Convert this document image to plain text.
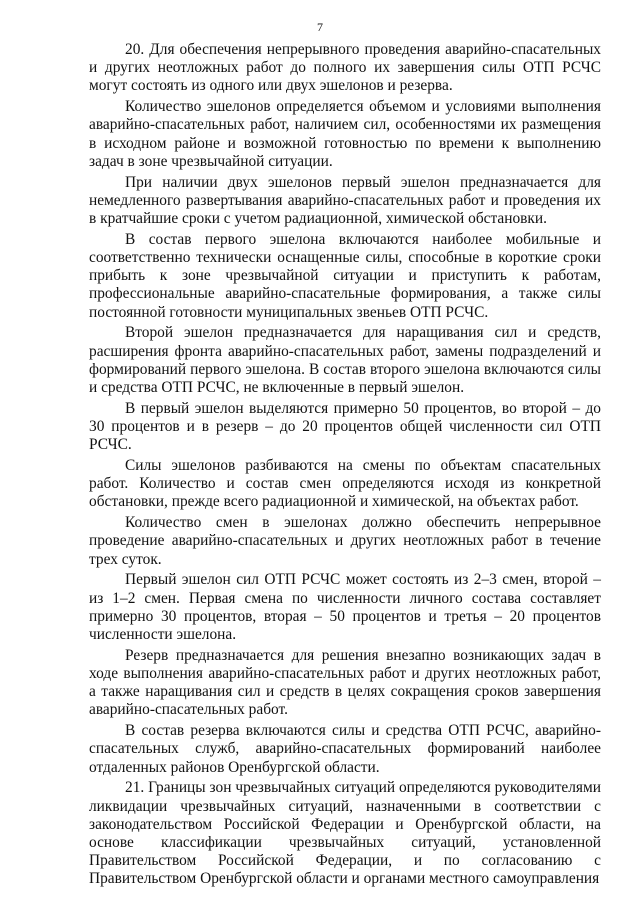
7

20. Для обеспечения непрерывного проведения аварийно-спасательных и других неотложных работ до полного их завершения силы ОТП РСЧС могут состоять из одного или двух эшелонов и резерва.

Количество эшелонов определяется объемом и условиями выполнения аварийно-спасательных работ, наличием сил, особенностями их размещения в исходном районе и возможной готовностью по времени к выполнению задач в зоне чрезвычайной ситуации.

При наличии двух эшелонов первый эшелон предназначается для немедленного развертывания аварийно-спасательных работ и проведения их в кратчайшие сроки с учетом радиационной, химической обстановки.

В состав первого эшелона включаются наиболее мобильные и соответственно технически оснащенные силы, способные в короткие сроки прибыть к зоне чрезвычайной ситуации и приступить к работам, профессиональные аварийно-спасательные формирования, а также силы постоянной готовности муниципальных звеньев ОТП РСЧС.

Второй эшелон предназначается для наращивания сил и средств, расширения фронта аварийно-спасательных работ, замены подразделений и формирований первого эшелона. В состав второго эшелона включаются силы и средства ОТП РСЧС, не включенные в первый эшелон.

В первый эшелон выделяются примерно 50 процентов, во второй – до 30 процентов и в резерв – до 20 процентов общей численности сил ОТП РСЧС.

Силы эшелонов разбиваются на смены по объектам спасательных работ. Количество и состав смен определяются исходя из конкретной обстановки, прежде всего радиационной и химической, на объектах работ.

Количество смен в эшелонах должно обеспечить непрерывное проведение аварийно-спасательных и других неотложных работ в течение трех суток.

Первый эшелон сил ОТП РСЧС может состоять из 2–3 смен, второй – из 1–2 смен. Первая смена по численности личного состава составляет примерно 30 процентов, вторая – 50 процентов и третья – 20 процентов численности эшелона.

Резерв предназначается для решения внезапно возникающих задач в ходе выполнения аварийно-спасательных работ и других неотложных работ, а также наращивания сил и средств в целях сокращения сроков завершения аварийно-спасательных работ.

В состав резерва включаются силы и средства ОТП РСЧС, аварийно-спасательных служб, аварийно-спасательных формирований наиболее отдаленных районов Оренбургской области.

21. Границы зон чрезвычайных ситуаций определяются руководителями ликвидации чрезвычайных ситуаций, назначенными в соответствии с законодательством Российской Федерации и Оренбургской области, на основе классификации чрезвычайных ситуаций, установленной Правительством Российской Федерации, и по согласованию с Правительством Оренбургской области и органами местного самоуправления
